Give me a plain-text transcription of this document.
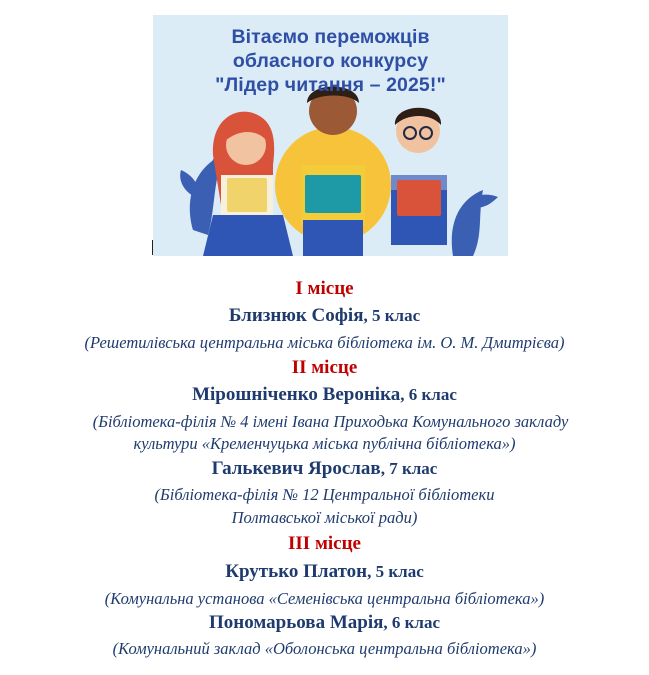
Вітаємо переможців
обласного конкурсу
"Лідер читання – 2025!"
І місце
Близнюк Софія, 5 клас
(Решетилівська центральна міська бібліотека ім. О. М. Дмитрієва)
ІІ місце
Мірошніченко Вероніка, 6 клас
(Бібліотека-філія № 4 імені Івана Приходька Комунального закладу
культури «Кременчуцька міська публічна бібліотека»)
Галькевич Ярослав, 7 клас
(Бібліотека-філія № 12 Центральної бібліотеки
Полтавської міської ради)
ІІІ місце
Крутько Платон, 5 клас
(Комунальна установа «Семенівська центральна бібліотека»)
Пономарьова Марія, 6 клас
(Комунальний заклад «Оболонська центральна бібліотека»)
